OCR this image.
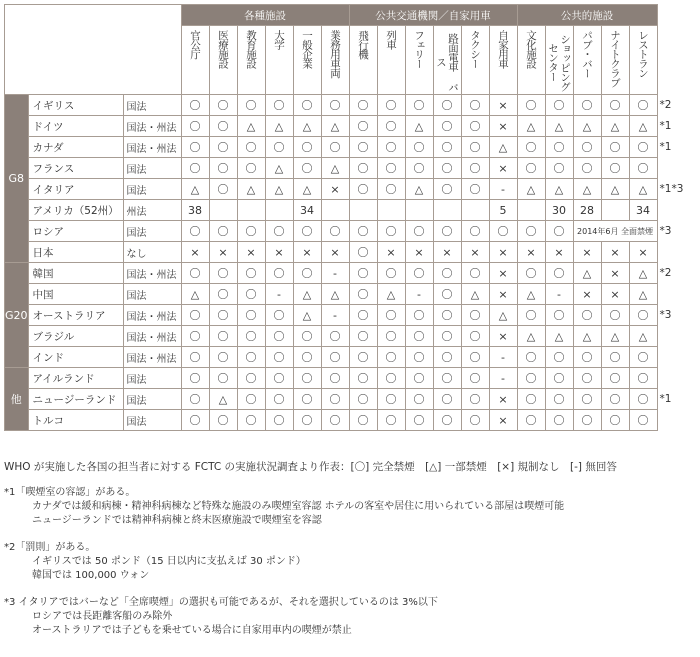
			各種施設						公共交通機関／自家用車						公共的施設					

			官公庁	医療施設	教育施設	大学	一般企業	業務用車両	飛行機	列車	フェリー	路面電車 バス	タクシー	自家用車	文化施設	ショッピングセンター	パブ・バー	ナイトクラブ	レストラン	

G8	イギリス	国法	〇	〇	〇	〇	〇	〇	〇	〇	〇	〇	〇	×	〇	〇	〇	〇	〇	*2
	ドイツ	国法・州法	〇	〇	△	△	△	△	〇	〇	△	〇	〇	×	△	△	△	△	△	*1
	カナダ	国法・州法	〇	〇	〇	〇	〇	〇	〇	〇	〇	〇	〇	△	〇	〇	〇	〇	〇	*1
	フランス	国法	〇	〇	〇	△	〇	△	〇	〇	〇	〇	〇	×	〇	〇	〇	〇	〇	
	イタリア	国法	△	〇	△	△	△	×	〇	〇	△	〇	〇	-	△	△	△	△	△	*1*3
	アメリカ（52州）	州法	38				34							5		30	28		34	
	ロシア	国法	〇	〇	〇	〇	〇	〇	〇	〇	〇	〇	〇	〇	〇	〇	2014年6月 全面禁煙			*3
	日本	なし	×	×	×	×	×	×	〇	×	×	×	×	×	×	×	×	×	×	
G20	韓国	国法・州法	〇	〇	〇	〇	〇	-	〇	〇	〇	〇	〇	×	〇	〇	△	×	△	*2
	中国	国法	△	〇	〇	-	△	△	〇	△	-	〇	△	×	△	-	×	×	△	
	オーストラリア	国法・州法	〇	〇	〇	〇	△	-	〇	〇	〇	〇	〇	△	〇	〇	〇	〇	〇	*3
	ブラジル	国法・州法	〇	〇	〇	〇	〇	〇	〇	〇	〇	〇	〇	×	△	△	△	△	△	
	インド	国法・州法	〇	〇	〇	〇	〇	〇	〇	〇	〇	〇	〇	-	〇	〇	〇	〇	〇	
他	アイルランド	国法	〇	〇	〇	〇	〇	〇	〇	〇	〇	〇	〇	-	〇	〇	〇	〇	〇	
	ニュージーランド	国法	〇	△	〇	〇	〇	〇	〇	〇	〇	〇	〇	×	〇	〇	〇	〇	〇	*1
	トルコ	国法	〇	〇	〇	〇	〇	〇	〇	〇	〇	〇	〇	×	〇	〇	〇	〇	〇	
WHO が実施した各国の担当者に対する FCTC の実施状況調査より作表：[〇] 完全禁煙　[△] 一部禁煙　[×] 規制なし　[-] 無回答
*1「喫煙室の容認」がある。
カナダでは緩和病棟・精神科病棟など特殊な施設のみ喫煙室容認 ホテルの客室や居住に用いられている部屋は喫煙可能
ニュージーランドでは精神科病棟と終末医療施設で喫煙室を容認
*2「罰則」がある。
イギリスでは 50 ポンド（15 日以内に支払えば 30 ポンド）
韓国では 100,000 ウォン
*3 イタリアではバーなど「全席喫煙」の選択も可能であるが、それを選択しているのは 3%以下
ロシアでは長距離客船のみ除外
オーストラリアでは子どもを乗せている場合に自家用車内の喫煙が禁止
